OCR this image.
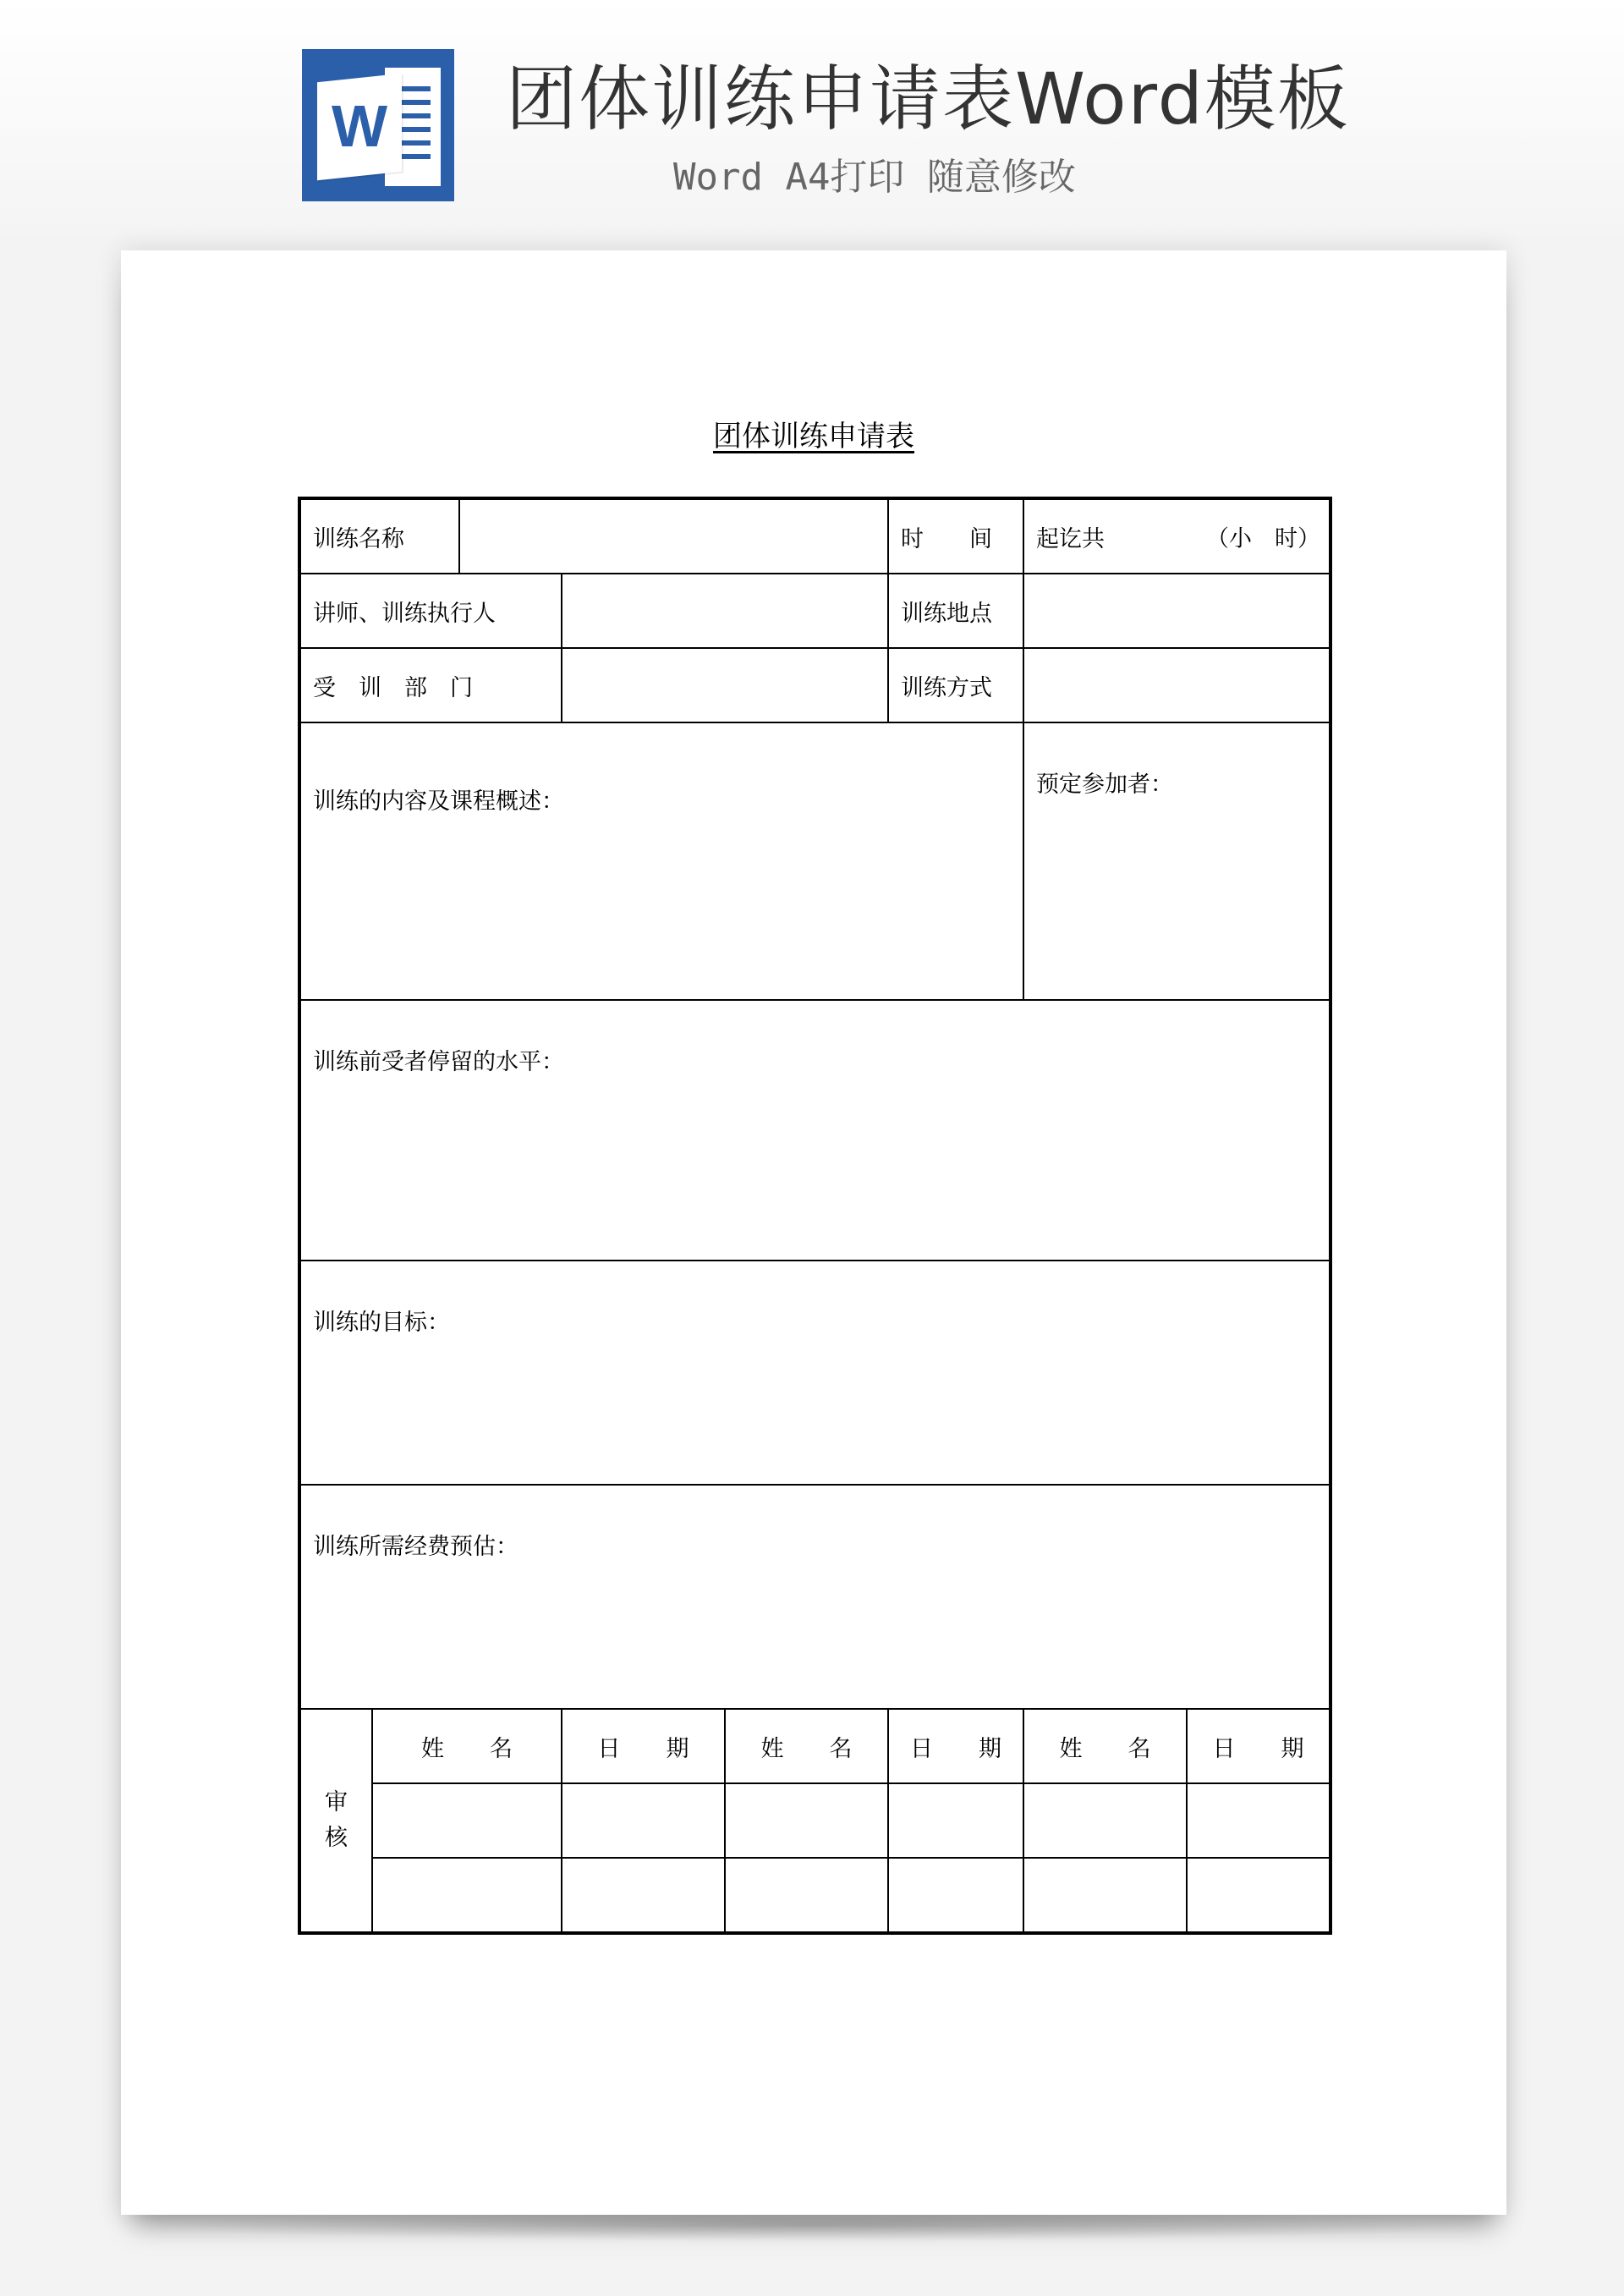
W 团体训练申请表Word模板
Word A4打印 随意修改
团体训练申请表
训练名称					时　　间	起讫共 （小　时）	

讲师、训练执行人					训练地点		
受　训　部　门					训练方式		
训练的内容及课程概述：						预定参加者：	
训练前受者停留的水平：							
训练的目标：							
训练所需经费预估：							

审
核	姓　　名		日　　期	姓　　名	日　　期	姓　　名	日　　期
